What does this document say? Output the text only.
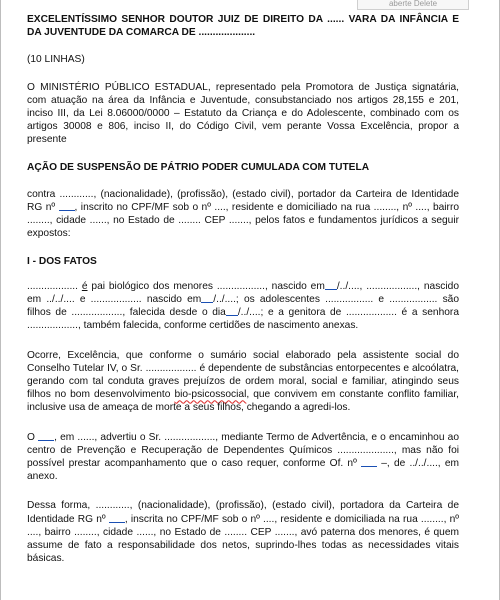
aberte Delete

EXCELENTÍSSIMO SENHOR DOUTOR JUIZ DE DIREITO DA ...... VARA DA INFÂNCIA E DA JUVENTUDE DA COMARCA DE ....................

(10 LINHAS)

O MINISTÉRIO PÚBLICO ESTADUAL, representado pela Promotora de Justiça signatária, com atuação na área da Infância e Juventude, consubstanciado nos artigos 28,155 e 201, inciso III, da Lei 8.06000/0000 – Estatuto da Criança e do Adolescente, combinado com os artigos 30008 e 806, inciso II, do Código Civil, vem perante Vossa Excelência, propor a presente

AÇÃO DE SUSPENSÃO DE PÁTRIO PODER CUMULADA COM TUTELA

contra ............, (nacionalidade), (profissão), (estado civil), portador da Carteira de Identidade RG nº , inscrito no CPF/MF sob o nº ...., residente e domiciliado na rua ........, nº ...., bairro ........, cidade ......, no Estado de ........ CEP ......., pelos fatos e fundamentos jurídicos a seguir expostos:

I - DOS FATOS

.................. é pai biológico dos menores ................., nascido em /../...., .................., nascido em ../../.... e .................. nascido em /../....; os adolescentes ................. e ................. são filhos de .................., falecida desde o dia /../....; e a genitora de .................. é a senhora .................., também falecida, conforme certidões de nascimento anexas.

Ocorre, Excelência, que conforme o sumário social elaborado pela assistente social do Conselho Tutelar IV, o Sr. .................. é dependente de substâncias entorpecentes e alcoólatra, gerando com tal conduta graves prejuízos de ordem moral, social e familiar, atingindo seus filhos no bom desenvolvimento bio-psicossocial, que convivem em constante conflito familiar, inclusive usa de ameaça de morte a seus filhos, chegando a agredi-los.

O , em ......, advertiu o Sr. .................., mediante Termo de Advertência, e o encaminhou ao centro de Prevenção e Recuperação de Dependentes Químicos ...................., mas não foi possível prestar acompanhamento que o caso requer, conforme Of. nº –, de ../../...., em anexo.

Dessa forma, ............, (nacionalidade), (profissão), (estado civil), portadora da Carteira de Identidade RG nº , inscrita no CPF/MF sob o nº ...., residente e domiciliada na rua ........, nº ...., bairro ........, cidade ......, no Estado de ........ CEP ......., avó paterna dos menores, é quem assume de fato a responsabilidade dos netos, suprindo-lhes todas as necessidades vitais básicas.
